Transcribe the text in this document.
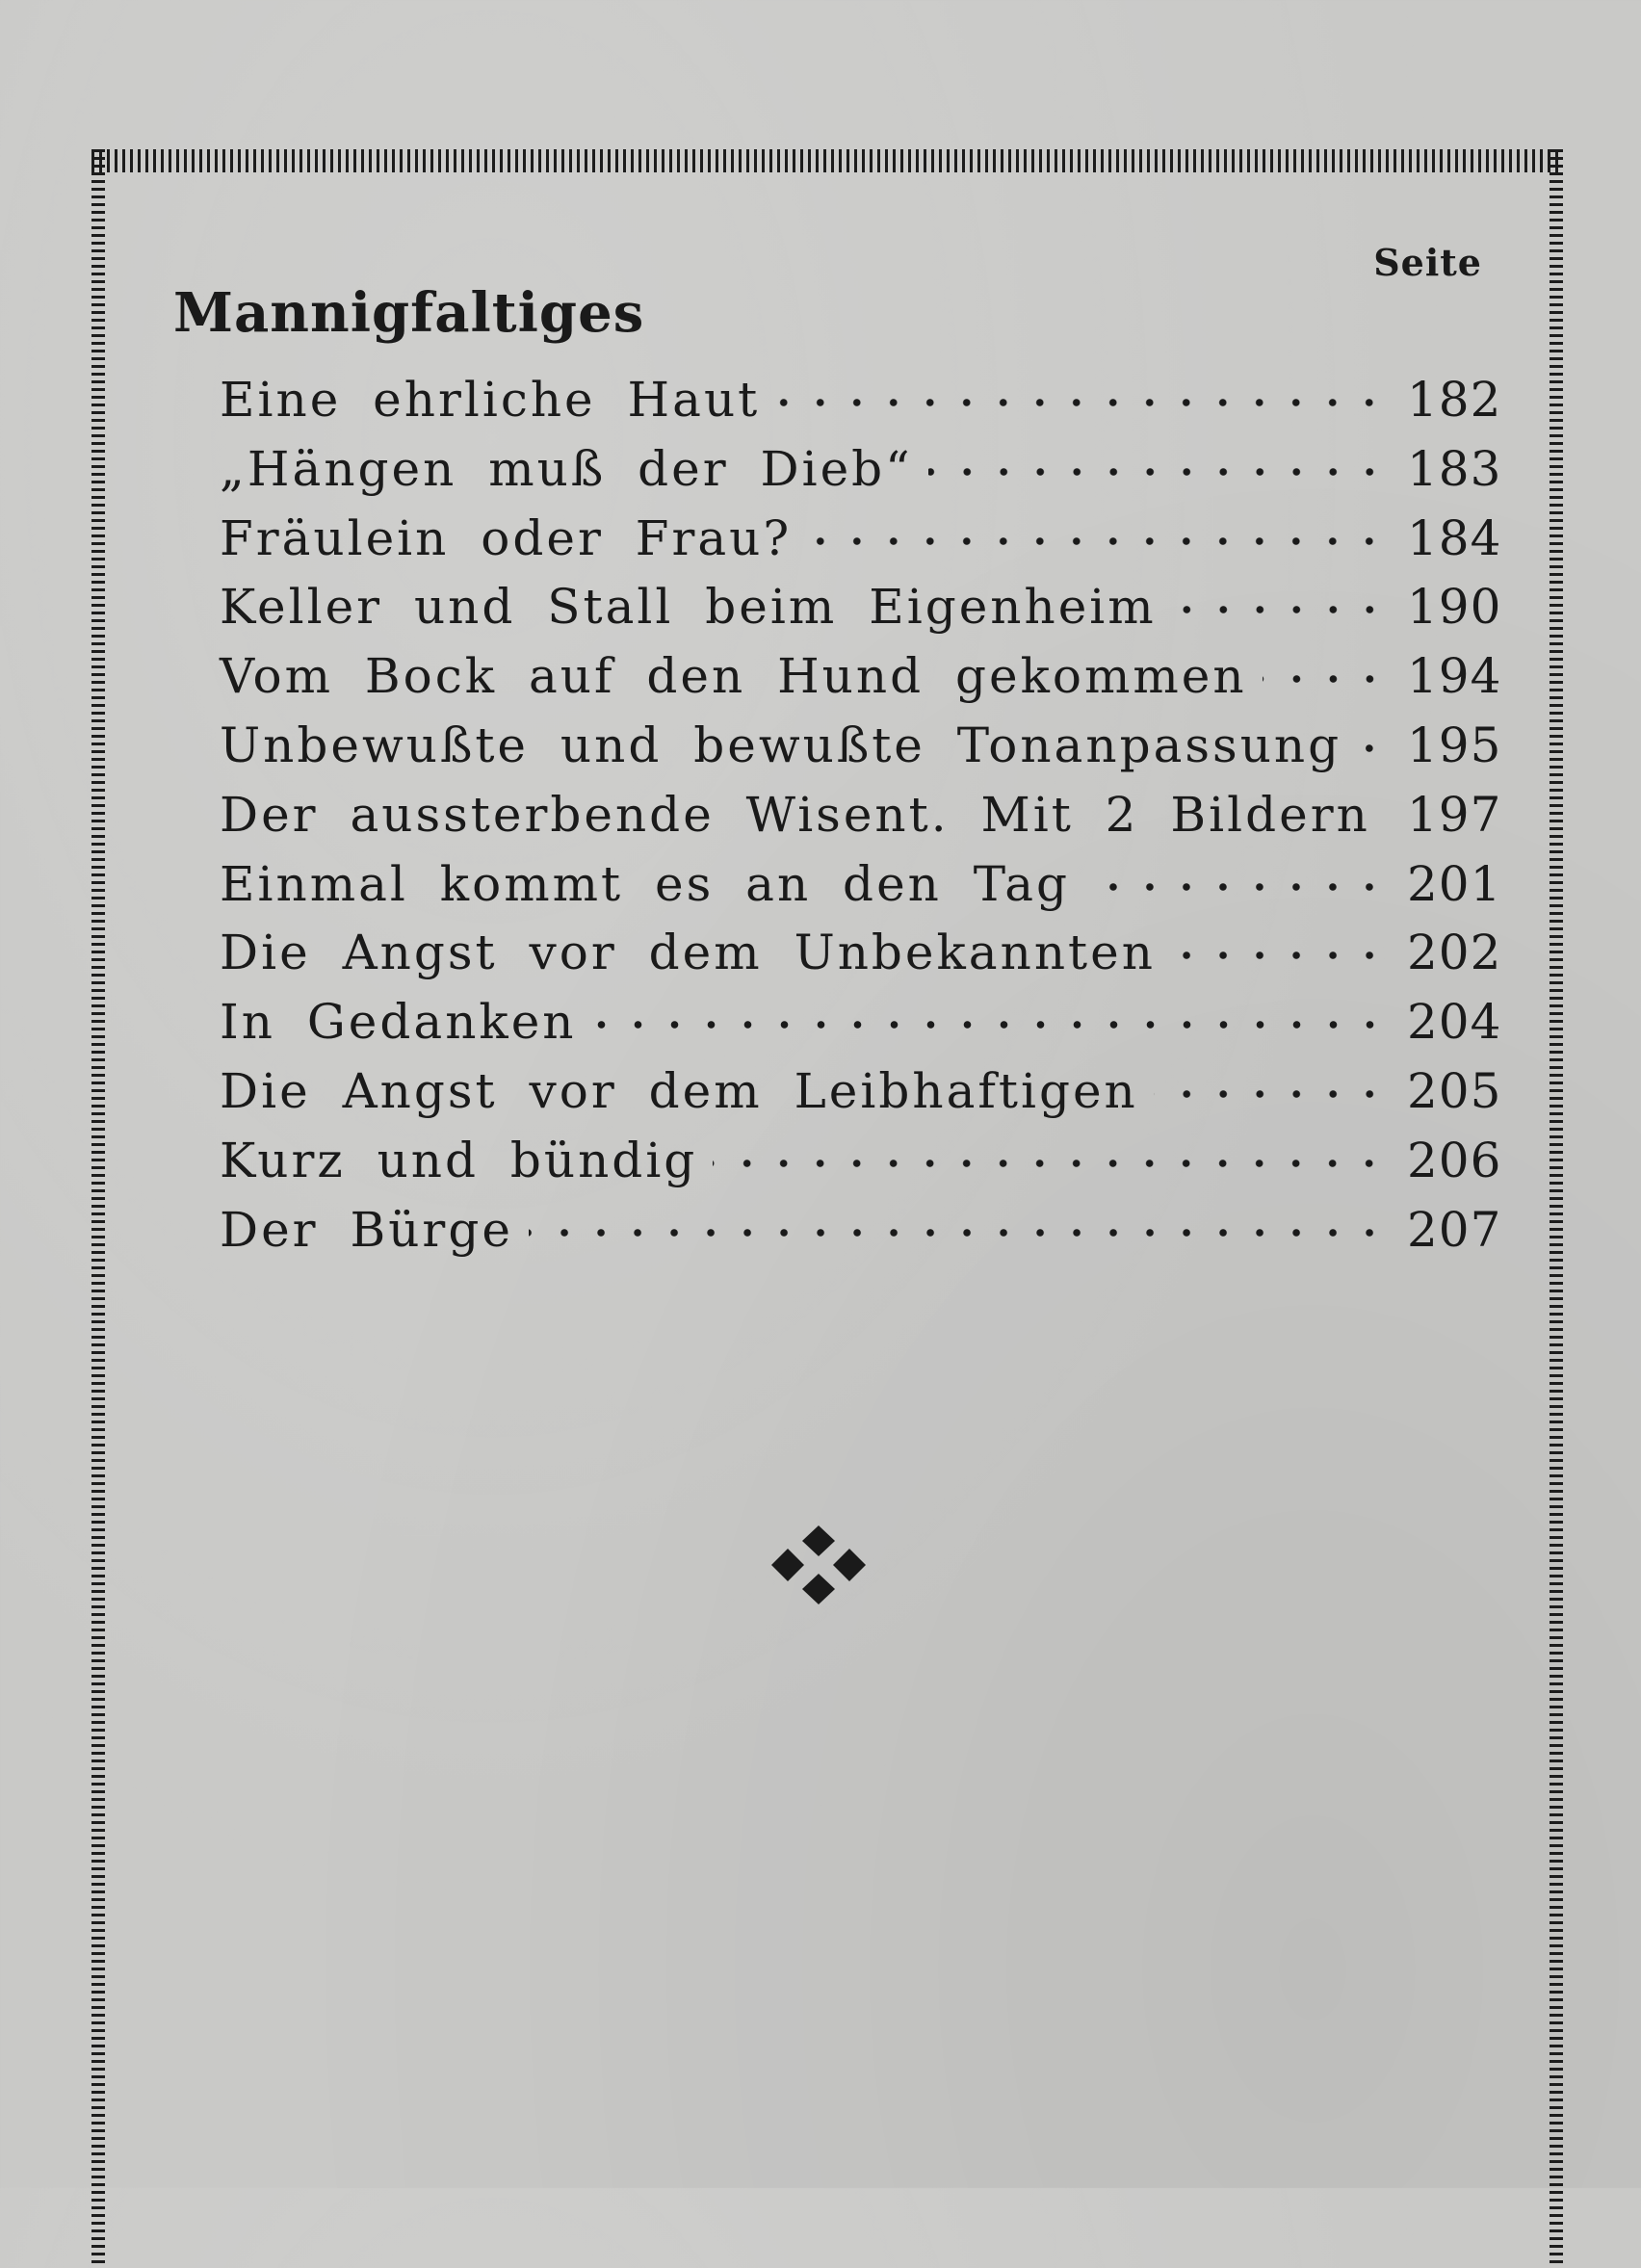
Seite
Mannigfaltiges
Eine ehrliche Haut	182
„Hängen muß der Dieb“	183
Fräulein oder Frau?	184
Keller und Stall beim Eigenheim	190
Vom Bock auf den Hund gekommen	194
Unbewußte und bewußte Tonanpassung 195
Der aussterbende Wisent. Mit 2 Bildern 197
Einmal kommt es an den Tag	201
Die Angst vor dem Unbekannten	202
In Gedanken	204
Die Angst vor dem Leibhaftigen	205
Kurz und bündig	206
Der Bürge	207
